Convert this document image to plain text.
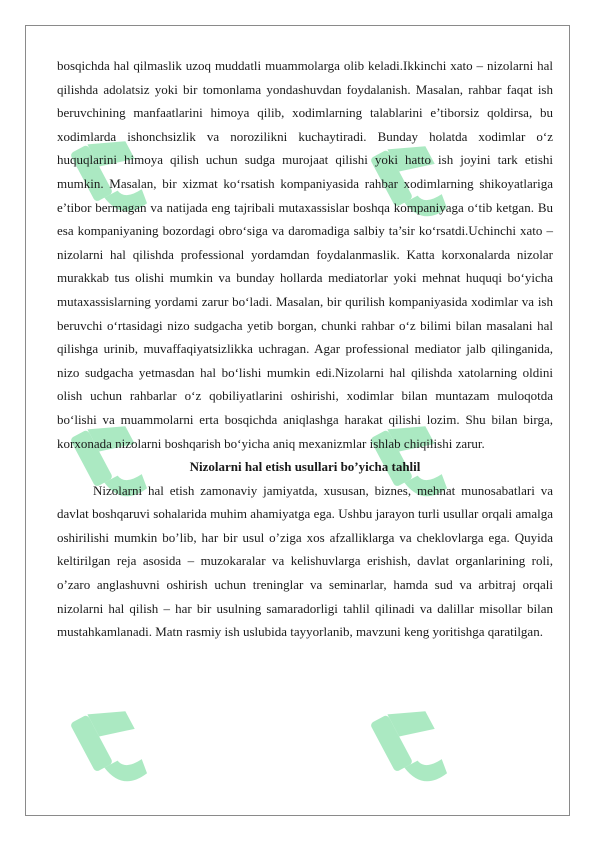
bosqichda hal qilmaslik uzoq muddatli muammolarga olib keladi.Ikkinchi xato – nizolarni hal qilishda adolatsiz yoki bir tomonlama yondashuvdan foydalanish. Masalan, rahbar faqat ish beruvchining manfaatlarini himoya qilib, xodimlarning talablarini e’tiborsiz qoldirsa, bu xodimlarda ishonchsizlik va norozilikni kuchaytiradi. Bunday holatda xodimlar o‘z huquqlarini himoya qilish uchun sudga murojaat qilishi yoki hatto ish joyini tark etishi mumkin. Masalan, bir xizmat ko‘rsatish kompaniyasida rahbar xodimlarning shikoyatlariga e’tibor bermagan va natijada eng tajribali mutaxassislar boshqa kompaniyaga o‘tib ketgan. Bu esa kompaniyaning bozordagi obro‘siga va daromadiga salbiy ta’sir ko‘rsatdi.Uchinchi xato – nizolarni hal qilishda professional yordamdan foydalanmaslik. Katta korxonalarda nizolar murakkab tus olishi mumkin va bunday hollarda mediatorlar yoki mehnat huquqi bo‘yicha mutaxassislarning yordami zarur bo‘ladi. Masalan, bir qurilish kompaniyasida xodimlar va ish beruvchi o‘rtasidagi nizo sudgacha yetib borgan, chunki rahbar o‘z bilimi bilan masalani hal qilishga urinib, muvaffaqiyatsizlikka uchragan. Agar professional mediator jalb qilinganida, nizo sudgacha yetmasdan hal bo‘lishi mumkin edi.Nizolarni hal qilishda xatolarning oldini olish uchun rahbarlar o‘z qobiliyatlarini oshirishi, xodimlar bilan muntazam muloqotda bo‘lishi va muammolarni erta bosqichda aniqlashga harakat qilishi lozim. Shu bilan birga, korxonada nizolarni boshqarish bo‘yicha aniq mexanizmlar ishlab chiqilishi zarur.

Nizolarni hal etish usullari bo’yicha tahlil

Nizolarni hal etish zamonaviy jamiyatda, xususan, biznes, mehnat munosabatlari va davlat boshqaruvi sohalarida muhim ahamiyatga ega. Ushbu jarayon turli usullar orqali amalga oshirilishi mumkin bo’lib, har bir usul o’ziga xos afzalliklarga va cheklovlarga ega. Quyida keltirilgan reja asosida – muzokaralar va kelishuvlarga erishish, davlat organlarining roli, o’zaro anglashuvni oshirish uchun treninglar va seminarlar, hamda sud va arbitraj orqali nizolarni hal qilish – har bir usulning samaradorligi tahlil qilinadi va dalillar misollar bilan mustahkamlanadi. Matn rasmiy ish uslubida tayyorlanib, mavzuni keng yoritishga qaratilgan.
